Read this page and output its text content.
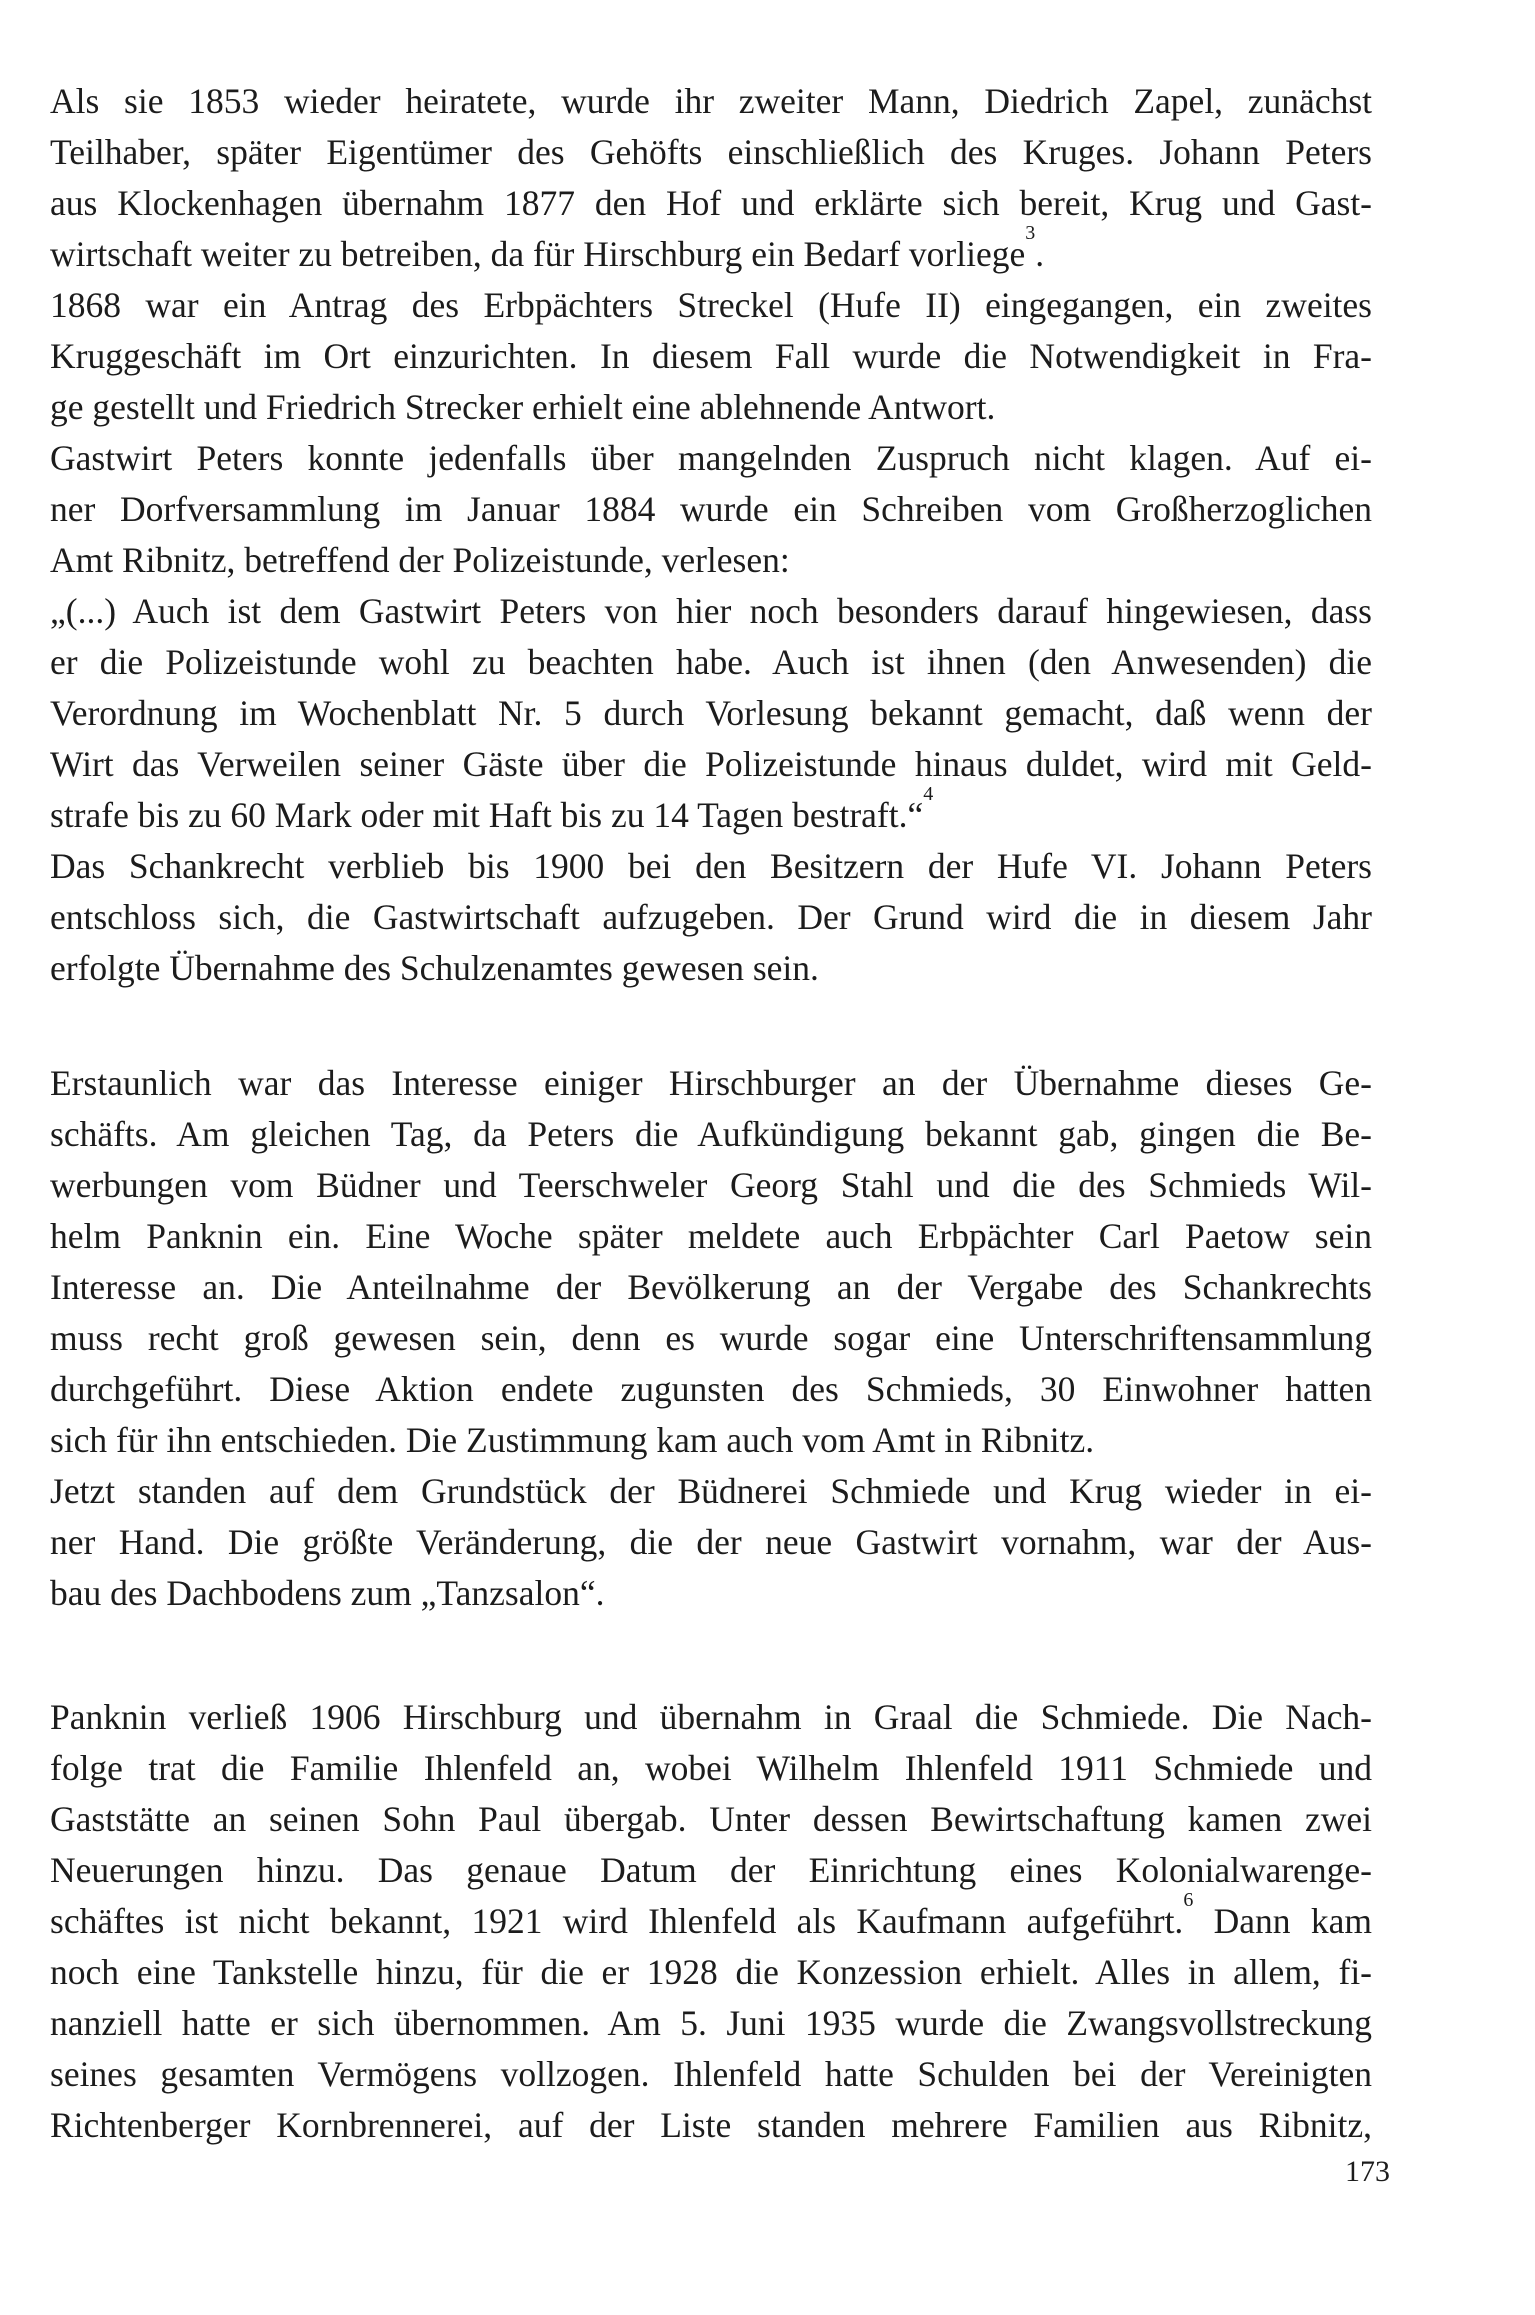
Als sie 1853 wieder heiratete, wurde ihr zweiter Mann, Diedrich Zapel, zunächst
Teilhaber, später Eigentümer des Gehöfts einschließlich des Kruges. Johann Peters
aus Klockenhagen übernahm 1877 den Hof und erklärte sich bereit, Krug und Gast-
wirtschaft weiter zu betreiben, da für Hirschburg ein Bedarf vorliege$^3$.
1868 war ein Antrag des Erbpächters Streckel (Hufe II) eingegangen, ein zweites
Kruggeschäft im Ort einzurichten. In diesem Fall wurde die Notwendigkeit in Fra-
ge gestellt und Friedrich Strecker erhielt eine ablehnende Antwort.
Gastwirt Peters konnte jedenfalls über mangelnden Zuspruch nicht klagen. Auf ei-
ner Dorfversammlung im Januar 1884 wurde ein Schreiben vom Großherzoglichen
Amt Ribnitz, betreffend der Polizeistunde, verlesen:
„(...) Auch ist dem Gastwirt Peters von hier noch besonders darauf hingewiesen, dass
er die Polizeistunde wohl zu beachten habe. Auch ist ihnen (den Anwesenden) die
Verordnung im Wochenblatt Nr. 5 durch Vorlesung bekannt gemacht, daß wenn der
Wirt das Verweilen seiner Gäste über die Polizeistunde hinaus duldet, wird mit Geld-
strafe bis zu 60 Mark oder mit Haft bis zu 14 Tagen bestraft.“$^4$
Das Schankrecht verblieb bis 1900 bei den Besitzern der Hufe VI. Johann Peters
entschloss sich, die Gastwirtschaft aufzugeben. Der Grund wird die in diesem Jahr
erfolgte Übernahme des Schulzenamtes gewesen sein.
Erstaunlich war das Interesse einiger Hirschburger an der Übernahme dieses Ge-
schäfts. Am gleichen Tag, da Peters die Aufkündigung bekannt gab, gingen die Be-
werbungen vom Büdner und Teerschweler Georg Stahl und die des Schmieds Wil-
helm Panknin ein. Eine Woche später meldete auch Erbpächter Carl Paetow sein
Interesse an. Die Anteilnahme der Bevölkerung an der Vergabe des Schankrechts
muss recht groß gewesen sein, denn es wurde sogar eine Unterschriftensammlung
durchgeführt. Diese Aktion endete zugunsten des Schmieds, 30 Einwohner hatten
sich für ihn entschieden. Die Zustimmung kam auch vom Amt in Ribnitz.
Jetzt standen auf dem Grundstück der Büdnerei Schmiede und Krug wieder in ei-
ner Hand. Die größte Veränderung, die der neue Gastwirt vornahm, war der Aus-
bau des Dachbodens zum „Tanzsalon“.
Panknin verließ 1906 Hirschburg und übernahm in Graal die Schmiede. Die Nach-
folge trat die Familie Ihlenfeld an, wobei Wilhelm Ihlenfeld 1911 Schmiede und
Gaststätte an seinen Sohn Paul übergab. Unter dessen Bewirtschaftung kamen zwei
Neuerungen hinzu. Das genaue Datum der Einrichtung eines Kolonialwarenge-
schäftes ist nicht bekannt, 1921 wird Ihlenfeld als Kaufmann aufgeführt.$^6$ Dann kam
noch eine Tankstelle hinzu, für die er 1928 die Konzession erhielt. Alles in allem, fi-
nanziell hatte er sich übernommen. Am 5. Juni 1935 wurde die Zwangsvollstreckung
seines gesamten Vermögens vollzogen. Ihlenfeld hatte Schulden bei der Vereinigten
Richtenberger Kornbrennerei, auf der Liste standen mehrere Familien aus Ribnitz,
173
